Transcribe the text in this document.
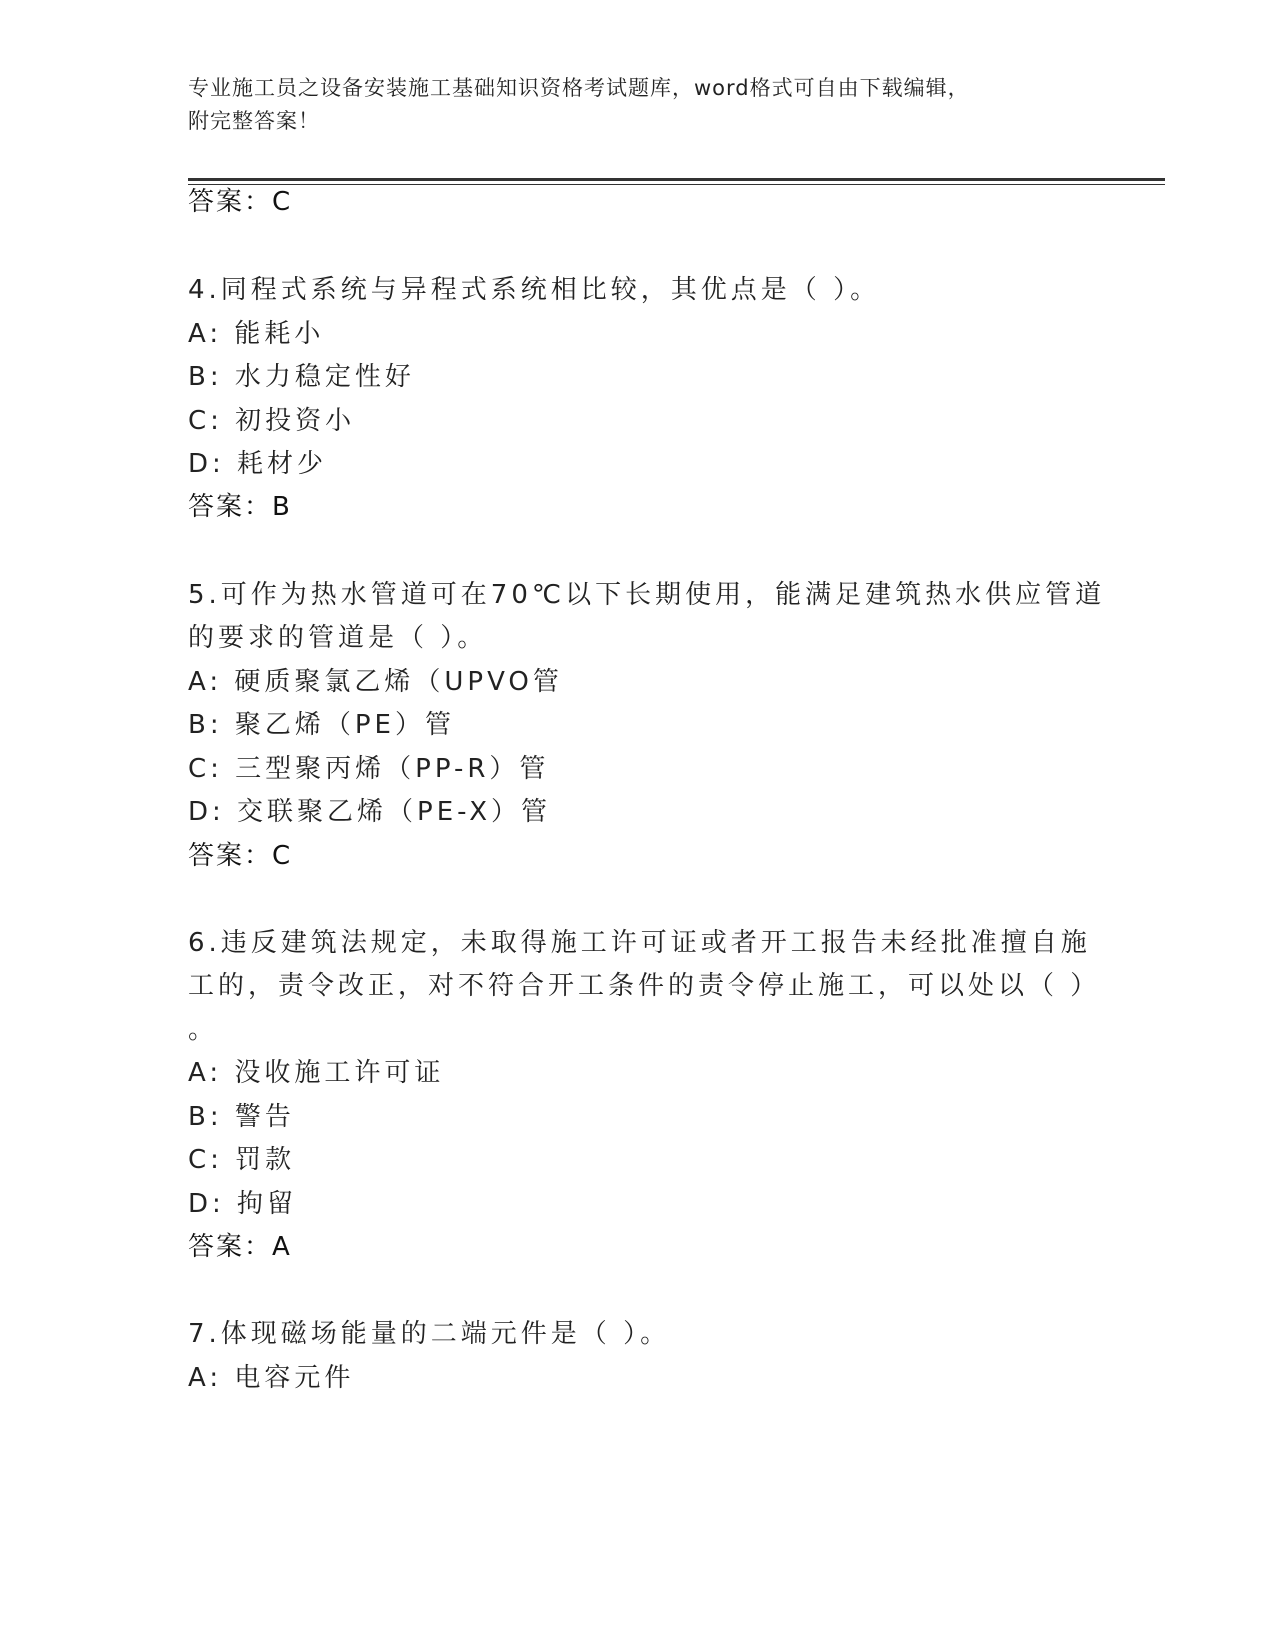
专业施工员之设备安装施工基础知识资格考试题库，word格式可自由下载编辑，
附完整答案！
答案：C
4.同程式系统与异程式系统相比较，其优点是（ ）。
A: 能耗小
B: 水力稳定性好
C: 初投资小
D: 耗材少
答案：B
5.可作为热水管道可在70℃以下长期使用，能满足建筑热水供应管道
的要求的管道是（ ）。
A: 硬质聚氯乙烯（UPVO管
B: 聚乙烯（PE）管
C: 三型聚丙烯（PP-R）管
D: 交联聚乙烯（PE-X）管
答案：C
6.违反建筑法规定，未取得施工许可证或者开工报告未经批准擅自施
工的，责令改正，对不符合开工条件的责令停止施工，可以处以（ ）
。
A: 没收施工许可证
B: 警告
C: 罚款
D: 拘留
答案：A
7.体现磁场能量的二端元件是（ ）。
A: 电容元件
